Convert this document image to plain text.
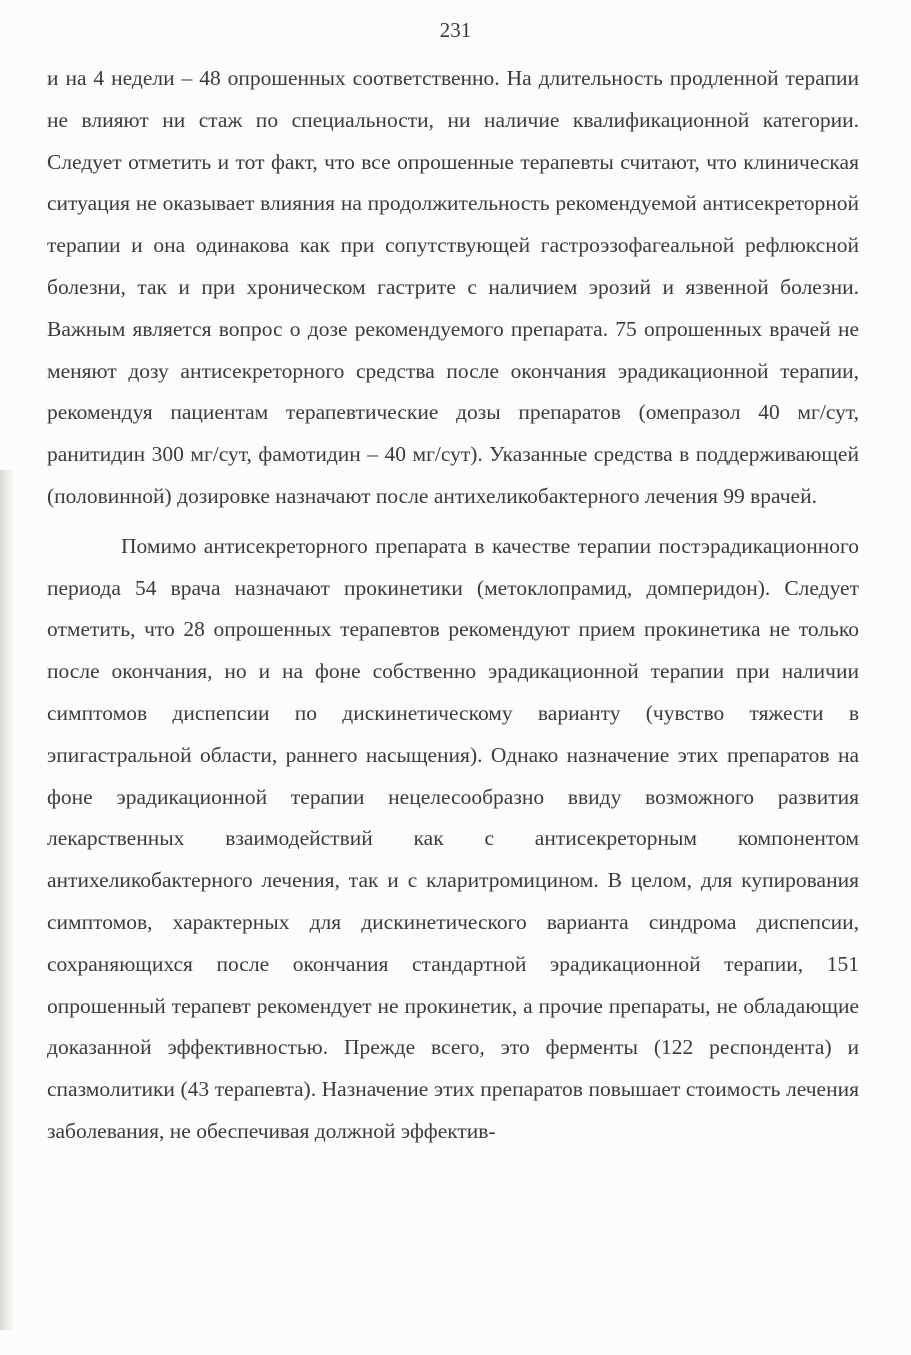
231

и на 4 недели – 48 опрошенных соответственно. На длительность продленной терапии не влияют ни стаж по специальности, ни наличие квалификационной категории. Следует отметить и тот факт, что все опрошенные терапевты считают, что клиническая ситуация не оказывает влияния на продолжительность рекомендуемой антисекреторной терапии и она одинакова как при сопутствующей гастроэзофагеальной рефлюксной болезни, так и при хроническом гастрите с наличием эрозий и язвенной болезни. Важным является вопрос о дозе рекомендуемого препарата. 75 опрошенных врачей не меняют дозу антисекреторного средства после окончания эрадикационной терапии, рекомендуя пациентам терапевтические дозы препаратов (омепразол 40 мг/сут, ранитидин 300 мг/сут, фамотидин – 40 мг/сут). Указанные средства в поддерживающей (половинной) дозировке назначают после антихеликобактерного лечения 99 врачей.

Помимо антисекреторного препарата в качестве терапии постэрадикационного периода 54 врача назначают прокинетики (метоклопрамид, домперидон). Следует отметить, что 28 опрошенных терапевтов рекомендуют прием прокинетика не только после окончания, но и на фоне собственно эрадикационной терапии при наличии симптомов диспепсии по дискинетическому варианту (чувство тяжести в эпигастральной области, раннего насыщения). Однако назначение этих препаратов на фоне эрадикационной терапии нецелесообразно ввиду возможного развития лекарственных взаимодействий как с антисекреторным компонентом антихеликобактерного лечения, так и с кларитромицином. В целом, для купирования симптомов, характерных для дискинетического варианта синдрома диспепсии, сохраняющихся после окончания стандартной эрадикационной терапии, 151 опрошенный терапевт рекомендует не прокинетик, а прочие препараты, не обладающие доказанной эффективностью. Прежде всего, это ферменты (122 респондента) и спазмолитики (43 терапевта). Назначение этих препаратов повышает стоимость лечения заболевания, не обеспечивая должной эффектив-
